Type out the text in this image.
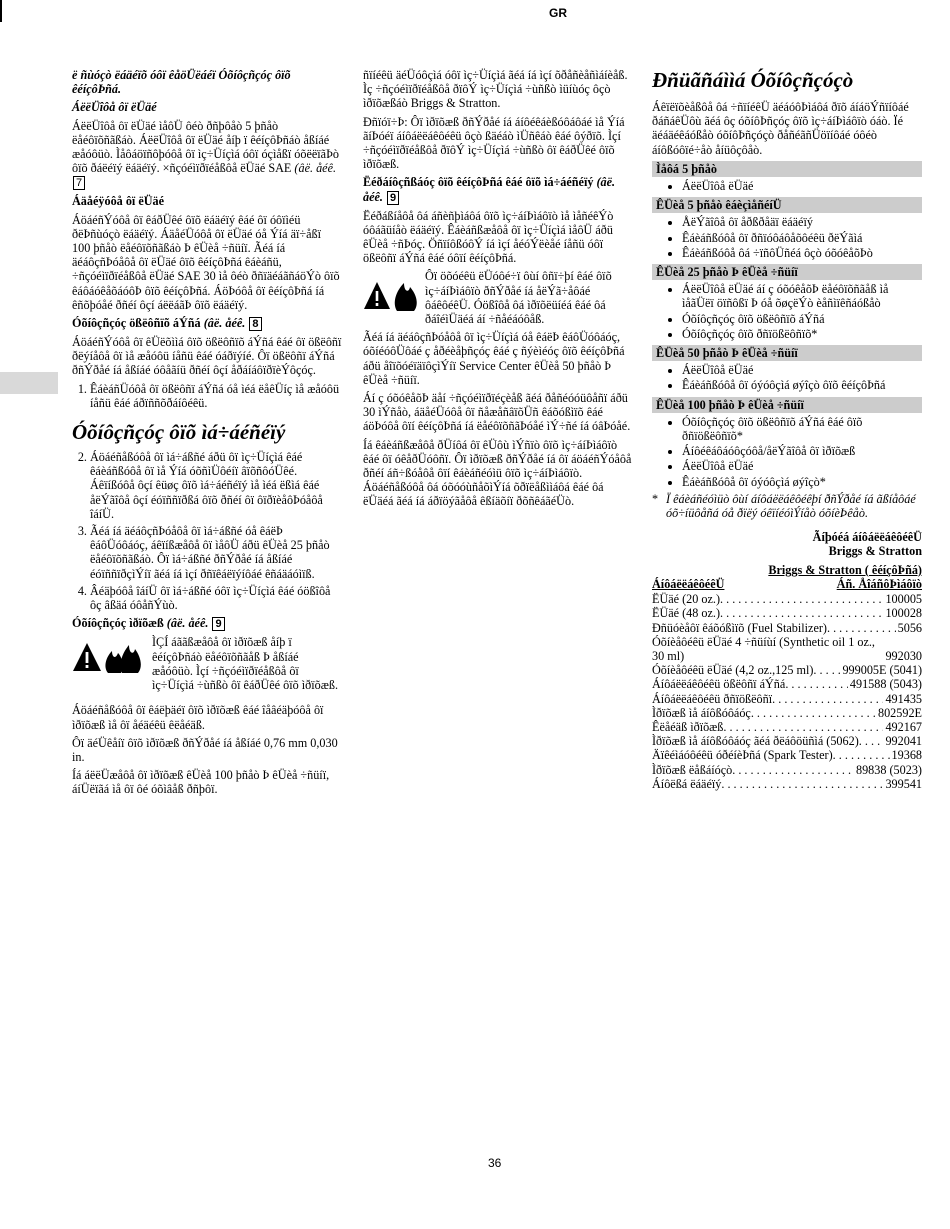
GR

ë ñùóçò ëáäéïõ óôï êåöÜëáéï Óõíôçñçóç ôïõ êéíçôÞñá.

ÁëëÜîôå ôï ëÜäé

ÁëëÜîôå ôï ëÜäé ìåôÜ ôéò ðñþôåò 5 þñåò ëåéôïõñãßáò. ÁëëÜîôå ôï ëÜäé åíþ ï êéíçôÞñáò åßíáé æåóôüò. Ìåôáöïñôþóôå ôï ìç÷Üíçìá óôï óçìåßï óõëëïãÞò ôïõ ðáëéïý ëáäéïý. ×ñçóéìïðïéåßôå ëÜäé SAE (âë. åéê. 7

Áäåéÿóôå ôï ëÜäé

ÁöáéñÝóôå ôï êáðÜêé ôïõ ëáäéïý êáé ôï óôïìéü ðëÞñùóçò ëáäéïý. ÁäåéÜóôå ôï ëÜäé óå Ýíá äï÷åßï 100 þñåò ëåéôïõñãßáò Þ êÜèå ÷ñüíï. Ãéá íá äéáôçñÞóåôå ôï ëÜäé ôïõ êéíçôÞñá êáèáñü, ÷ñçóéìïðïéåßôå ëÜäé SAE 30 ìå ôéò ðñïäéáãñáöÝò ôïõ êáôáóêåõáóôÞ ôïõ êéíçôÞñá. ÁöÞóôå ôï êéíçôÞñá íá êñõþóåé ðñéí ôçí áëëáãÞ ôïõ ëáäéïý.

Óõíôçñçóç ößëôñïõ áÝñá (âë. åéê. 8

ÁöáéñÝóôå ôï êÜëõììá ôïõ ößëôñïõ áÝñá êáé ôï ößëôñï ðëýíåôå ôï ìå æåóôü íåñü êáé óáðïýíé. Ôï ößëôñï áÝñá ðñÝðåé íá åßíáé óôåãíü ðñéí ôçí åðáíáôïðïèÝôçóç.

1. ÊáèáñÜóôå ôï ößëôñï áÝñá óå ìéá ëåêÜíç ìå æåóôü íåñü êáé áðïññõðáíôéêü.
Óõíôçñçóç ôïõ ìá÷áéñéïý
2. Áöáéñåßóôå ôï ìá÷áßñé áðü ôï ìç÷Üíçìá êáé êáèáñßóôå ôï ìå Ýíá óõñìÜôéíï âïõñôóÜêé. Áêïíßóôå ôçí êüøç ôïõ ìá÷áéñéïý ìå ìéá ëßìá êáé åëÝãîôå ôçí éóïññïðßá ôïõ ðñéí ôï ôïðïèåôÞóåôå îáíÜ.
3. Ãéá íá äéáôçñÞóåôå ôï ìá÷áßñé óå êáëÞ êáôÜóôáóç, áêïíßæåôå ôï ìåôÜ áðü êÜèå 25 þñåò ëåéôïõñãßáò. Ôï ìá÷áßñé ðñÝðåé íá åßíáé éóïññïðçìÝíï ãéá íá ìçí ðñïêáëïýíôáé êñáäáóìïß.
4. Âéäþóôå îáíÜ ôï ìá÷áßñé óôï ìç÷Üíçìá êáé óößîôå ôç âßäá óôåñÝùò.

Óõíôçñçóç ìðïõæß (âë. åéê. 9

ÌÇÍ áããßæåôå ôï ìðïõæß åíþ ï êéíçôÞñáò ëåéôïõñãåß Þ åßíáé æåóôüò. Ìçí ÷ñçóéìïðïéåßôå ôï ìç÷Üíçìá ÷ùñßò ôï êáðÜêé ôïõ ìðïõæß.

Áöáéñåßóôå ôï êáëþäéï ôïõ ìðïõæß êáé îåâéäþóôå ôï ìðïõæß ìå ôï åéäéêü êëåéäß.

Ôï äéÜêåíï ôïõ ìðïõæß ðñÝðåé íá åßíáé 0,76 mm 0,030 in.

Íá áëëÜæåôå ôï ìðïõæß êÜèå 100 þñåò Þ êÜèå ÷ñüíï, áíÜëïãá ìå ôï ôé óõìâåß ðñþôï.

ñïíéêü äéÜóôçìá óôï ìç÷Üíçìá ãéá íá ìçí õðåñèåñìáíèåß. Ìç ÷ñçóéìïðïéåßôå ðïôÝ ìç÷Üíçìá ÷ùñßò ìüíùóç ôçò ìðïõæßáò Briggs & Stratton.

Ðñïóï÷Þ: Ôï ìðïõæß ðñÝðåé íá áíôéêáèßóôáôáé ìå Ýíá ãíÞóéï áíôáëëáêôéêü ôçò ßäéáò ìÜñêáò êáé ôýðïõ. Ìçí ÷ñçóéìïðïéåßôå ðïôÝ ìç÷Üíçìá ÷ùñßò ôï êáðÜêé ôïõ ìðïõæß.

Ëéðáíôçñßáóç ôïõ êéíçôÞñá êáé ôïõ ìá÷áéñéïý (âë. åéê. 9

Ëéðáßíåôå ôá áñèñþìáôá ôïõ ìç÷áíÞìáôïò ìå ìåñéêÝò óôáãüíåò ëáäéïý. Êáèáñßæåôå ôï ìç÷Üíçìá ìåôÜ áðü êÜèå ÷ñÞóç. ÖñïíôßóôÝ íá ìçí åéóÝëèåé íåñü óôï ößëôñï áÝñá êáé óôïí êéíçôÞñá.

Ôï öõóéêü ëÜóôé÷ï ôùí ôñï÷þí êáé ôïõ ìç÷áíÞìáôïò ðñÝðåé íá åëÝã÷åôáé ôáêôéêÜ. Óößîôå ôá ìðïõëüíéá êáé ôá ðáîéìÜäéá áí ÷ñåéáóôåß.

Ãéá íá äéáôçñÞóåôå ôï ìç÷Üíçìá óå êáëÞ êáôÜóôáóç, óõíéóôÜôáé ç åðéèåþñçóç êáé ç ñýèìéóç ôïõ êéíçôÞñá áðü åîïõóéïäïôçìÝíï Service Center êÜèå 50 þñåò Þ êÜèå ÷ñüíï.

Áí ç óõóêåõÞ äåí ÷ñçóéìïðïéçèåß ãéá ðåñéóóüôåñï áðü 30 ìÝñåò, áäåéÜóôå ôï ñåæåñâïõÜñ êáõóßìïõ êáé áöÞóôå ôïí êéíçôÞñá íá ëåéôïõñãÞóåé ìÝ÷ñé íá óâÞóåé.

Íá êáèáñßæåôå ðÜíôá ôï êÜôù ìÝñïò ôïõ ìç÷áíÞìáôïò êáé ôï óêåðÜóôñï. Ôï ìðïõæß ðñÝðåé íá ôï áöáéñÝóåôå ðñéí áñ÷ßóåôå ôïí êáèáñéóìü ôïõ ìç÷áíÞìáôïò. Áöáéñåßóôå ôá óõóóùñåõìÝíá õðïëåßììáôá êáé ôá ëÜäéá ãéá íá áðïöýãåôå êßíäõíï ðõñêáãéÜò.

Ðñüãñáììá Óõíôçñçóçò

Áêïëïõèåßôå ôá ÷ñïíéêÜ äéáóôÞìáôá ðïõ áíáöÝñïíôáé ðáñáêÜôù ãéá ôç óõíôÞñçóç ôïõ ìç÷áíÞìáôïò óáò. Ïé äéáäéêáóßåò óõíôÞñçóçò ðåñéãñÜöïíôáé óôéò áíôßóôïé÷åò åíüôçôåò.

Ìåôá 5 þñåò
• ÁëëÜîôå ëÜäé
ÊÜèå 5 þñåò êáèçìåñéíÜ
• ÅëÝãîôå ôï åðßðåäï ëáäéïý
• Êáèáñßóôå ôï ðñïóôáôåõôéêü ðëÝãìá
• Êáèáñßóôå ôá ÷ïñôÜñéá ôçò óõóêåõÞò
ÊÜèå 25 þñåò Þ êÜèå ÷ñüíï
• ÁëëÜîôå ëÜäé áí ç óõóêåõÞ ëåéôïõñãåß ìå ìåãÜëï öïñôßï Þ óå õøçëÝò èåñìïêñáóßåò
• Óõíôçñçóç ôïõ ößëôñïõ áÝñá
• Óõíôçñçóç ôïõ ðñïößëôñïõ*
ÊÜèå 50 þñåò Þ êÜèå ÷ñüíï
• ÁëëÜîôå ëÜäé
• Êáèáñßóôå ôï óýóôçìá øýîçò ôïõ êéíçôÞñá
ÊÜèå 100 þñåò Þ êÜèå ÷ñüíï
• Óõíôçñçóç ôïõ ößëôñïõ áÝñá êáé ôïõ ðñïößëôñïõ*
• Áíôéêáôáóôçóôå/åëÝãîôå ôï ìðïõæß
• ÁëëÜîôå ëÜäé
• Êáèáñßóôå ôï óýóôçìá øýîçò*

* Ï êáèáñéóìüò ôùí áíôáëëáêôéêþí ðñÝðåé íá ãßíåôáé óõ÷íüôåñá óå ðïëý óêïíéóìÝíåò óõíèÞêåò.

Ãíþóéá áíôáëëáêôéêÜ
Briggs & Stratton
Briggs & Stratton ( êéíçôÞñá)
ÁíôáëëáêôéêÜ	Áñ. ÅîáñôÞìáôïò
ËÜäé (20 oz.) . . .	100005
ËÜäé (48 oz.) . . .	100028
Ðñüóèåôï êáõóßìïõ (Fuel Stabilizer) . . .	5056
Óõíèåôéêü ëÜäé 4 ÷ñüíùí (Synthetic oil 1 oz., 30 ml)	992030
Óõíèåôéêü ëÜäé (4,2 oz.,125 ml) . . . 999005E (5041)
Áíôáëëáêôéêü ößëôñï áÝñá . . .	491588 (5043)
Áíôáëëáêôéêü ðñïößëôñï . . .	491435
Ìðïõæß ìå áíôßóôáóç . . .	802592E
Êëåéäß ìðïõæß . . .	492167
Ìðïõæß ìå áíôßóôáóç ãéá ðëáôöüñìá (5062) . . . 992041
Äïêéìáóôéêü óðéíèÞñá (Spark Tester) . . .	19368
Ìðïõæß ëåßáíóçò . . .	89838 (5023)
Áíôëßá ëáäéïý . . .	399541
36
